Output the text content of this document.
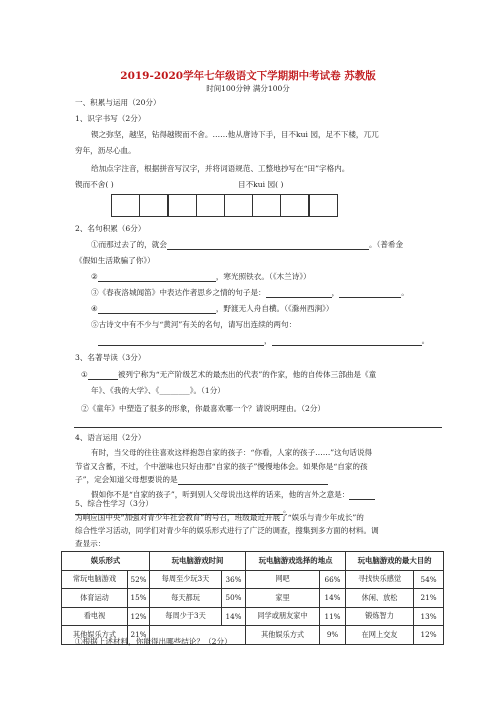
2019-2020学年七年级语文下学期期中考试卷 苏教版
时间100分钟 满分100分
一、积累与运用（20分）
1、识字书写（2分）
锲之弥坚，越坚，钻得越锲而不舍。……他从唐诗下手，目不kui 园，足不下楼，兀兀
穷年，沥尽心血。
给加点字注音，根据拼音写汉字，并将词语规范、工整地抄写在“田”字格内。
锲而不舍( )	目不kui 园( )
2、名句积累（6分）
①而那过去了的，就会	。（普希金
《假如生活欺骗了你》）
②	，寒光照铁衣。（《木兰诗》）
③《春夜洛城闻笛》中表达作者思乡之情的句子是：	，	。
④	，野渡无人舟自横。（《滁州西涧》）
⑤古诗文中有不少与“黄河”有关的名句，请写出连续的两句：
，	。
3、名著导读（3分）
①	被列宁称为“无产阶级艺术的最杰出的代表”的作家，他的自传体三部曲是《童
年》、《我的大学》、《________》。（1分）
②《童年》中塑造了很多的形象，你最喜欢哪一个？请说明理由。（2分）
4、语言运用（2分）
有时，当父母的往往喜欢这样抱怨自家的孩子：“你看，人家的孩子……”这句话说得
节省又含蓄，不过，个中滋味也只好由那“自家的孩子”慢慢地体会。如果你是“自家的孩
子”，定会知道父母想要说的是
假如你不是“自家的孩子”，听到别人父母说出这样的话来，他的言外之意是：
。
5、综合性学习（3分）
为响应国中央“加强对青少年社会教育”的号召，班级最近开展了“娱乐与青少年成长”的
娱乐形式		玩电脑游戏时间		玩电脑游戏选择的地点		玩电脑游戏的最大目的	
常玩电脑游戏	52%	每周至少玩3天	36%	网吧	66%	寻找快乐感觉	54%
体育运动	15%	每天都玩	50%	家里	14%	休闲、放松	21%
看电视	12%	每周少于3天	14%	同学或朋友家中	11%	锻炼智力	13%
其他娱乐方式	21%			其他娱乐方式	9%	在网上交友	12%
①根据上述材料，你能得出哪些结论？（2分）
综合性学习活动，同学们对青少年的娱乐形式进行了广泛的调查，搜集到多方面的材料。调
查显示：
